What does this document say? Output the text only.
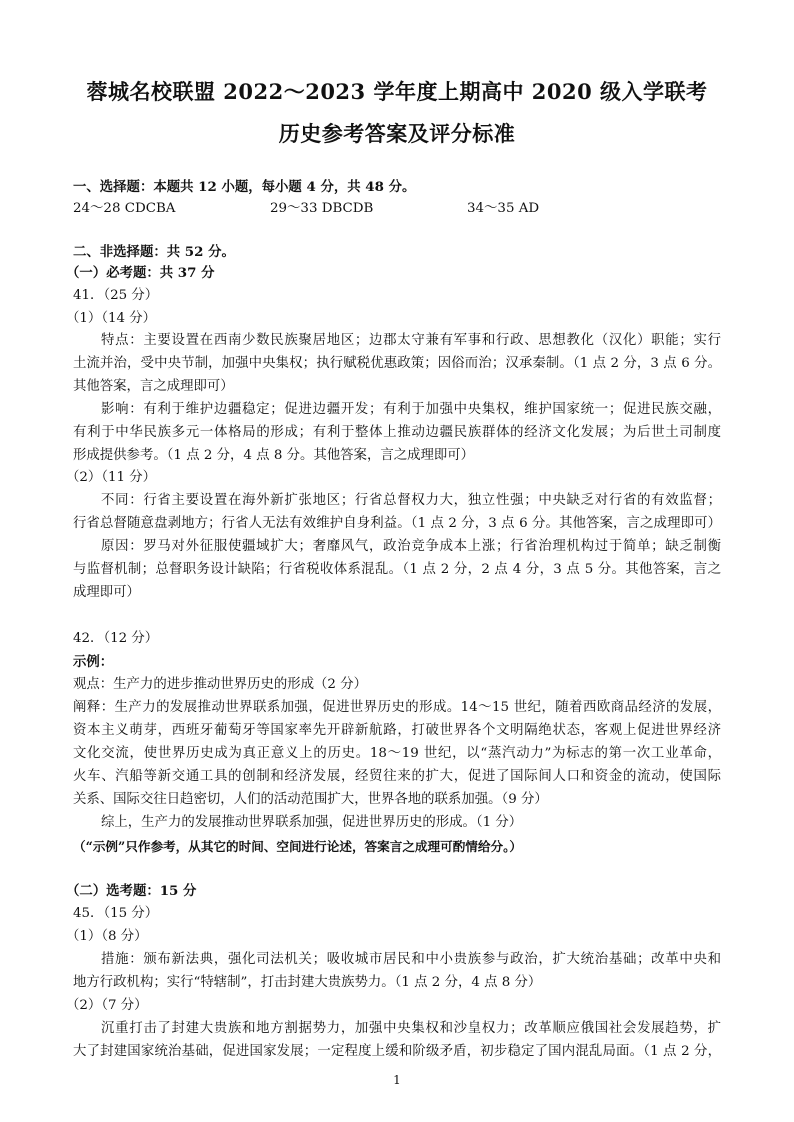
蓉城名校联盟 2022～2023 学年度上期高中 2020 级入学联考
历史参考答案及评分标准
一、选择题：本题共 12 小题，每小题 4 分，共 48 分。
24～28 CDCBA	29～33 DBCDB	34～35 AD
二、非选择题：共 52 分。
（一）必考题：共 37 分
41．（25 分）
（1）（14 分）
特点：主要设置在西南少数民族聚居地区；边郡太守兼有军事和行政、思想教化（汉化）职能；实行
土流并治，受中央节制，加强中央集权；执行赋税优惠政策；因俗而治；汉承秦制。（1 点 2 分，3 点 6 分。
其他答案，言之成理即可）
影响：有利于维护边疆稳定；促进边疆开发；有利于加强中央集权，维护国家统一；促进民族交融，
有利于中华民族多元一体格局的形成；有利于整体上推动边疆民族群体的经济文化发展；为后世土司制度
形成提供参考。（1 点 2 分，4 点 8 分。其他答案，言之成理即可）
（2）（11 分）
不同：行省主要设置在海外新扩张地区；行省总督权力大，独立性强；中央缺乏对行省的有效监督；
行省总督随意盘剥地方；行省人无法有效维护自身利益。（1 点 2 分，3 点 6 分。其他答案，言之成理即可）
原因：罗马对外征服使疆域扩大；奢靡风气，政治竞争成本上涨；行省治理机构过于简单；缺乏制衡
与监督机制；总督职务设计缺陷；行省税收体系混乱。（1 点 2 分，2 点 4 分，3 点 5 分。其他答案，言之
成理即可）
42．（12 分）
示例：
观点：生产力的进步推动世界历史的形成（2 分）
阐释：生产力的发展推动世界联系加强，促进世界历史的形成。14～15 世纪，随着西欧商品经济的发展，
资本主义萌芽，西班牙葡萄牙等国家率先开辟新航路，打破世界各个文明隔绝状态，客观上促进世界经济
文化交流，使世界历史成为真正意义上的历史。18～19 世纪，以“蒸汽动力”为标志的第一次工业革命，
火车、汽船等新交通工具的创制和经济发展，经贸往来的扩大，促进了国际间人口和资金的流动，使国际
关系、国际交往日趋密切，人们的活动范围扩大，世界各地的联系加强。（9 分）
综上，生产力的发展推动世界联系加强，促进世界历史的形成。（1 分）
（“示例”只作参考，从其它的时间、空间进行论述，答案言之成理可酌情给分。）
（二）选考题：15 分
45．（15 分）
（1）（8 分）
措施：颁布新法典，强化司法机关；吸收城市居民和中小贵族参与政治，扩大统治基础；改革中央和
地方行政机构；实行“特辖制”，打击封建大贵族势力。（1 点 2 分，4 点 8 分）
（2）（7 分）
沉重打击了封建大贵族和地方割据势力，加强中央集权和沙皇权力；改革顺应俄国社会发展趋势，扩
大了封建国家统治基础，促进国家发展；一定程度上缓和阶级矛盾，初步稳定了国内混乱局面。（1 点 2 分，
1
